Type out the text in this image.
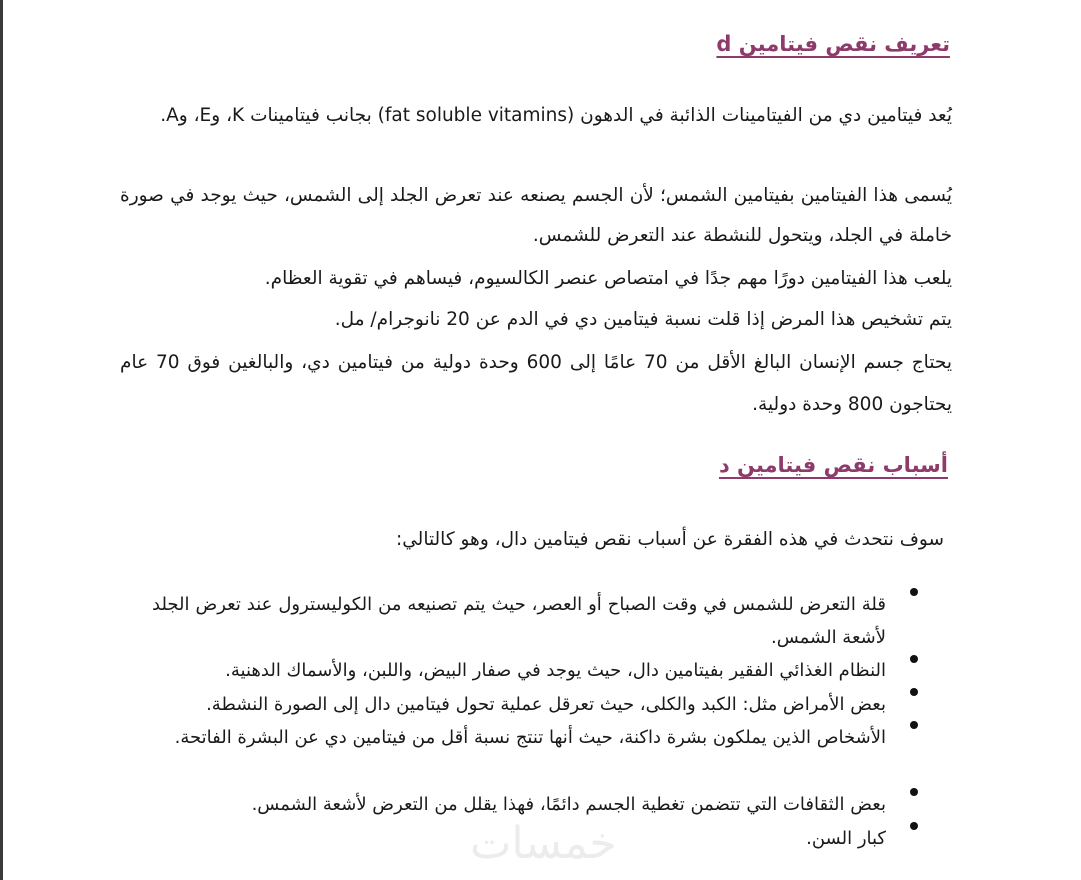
تعريف نقص فيتامين d
يُعد فيتامين دي من الفيتامينات الذائبة في الدهون (fat soluble vitamins) بجانب فيتامينات K، وE، وA.
يُسمى هذا الفيتامين بفيتامين الشمس؛ لأن الجسم يصنعه عند تعرض الجلد إلى الشمس، حيث يوجد في صورة خاملة في الجلد، ويتحول للنشطة عند التعرض للشمس.
يلعب هذا الفيتامين دورًا مهم جدًا في امتصاص عنصر الكالسيوم، فيساهم في تقوية العظام.
يتم تشخيص هذا المرض إذا قلت نسبة فيتامين دي في الدم عن 20 نانوجرام/ مل.
يحتاج جسم الإنسان البالغ الأقل من 70 عامًا إلى 600 وحدة دولية من فيتامين دي، والبالغين فوق 70 عام يحتاجون 800 وحدة دولية.
أسباب نقص فيتامين د
سوف نتحدث في هذه الفقرة عن أسباب نقص فيتامين دال، وهو كالتالي:
قلة التعرض للشمس في وقت الصباح أو العصر، حيث يتم تصنيعه من الكوليسترول عند تعرض الجلد لأشعة الشمس.
النظام الغذائي الفقير بفيتامين دال، حيث يوجد في صفار البيض، واللبن، والأسماك الدهنية.
بعض الأمراض مثل: الكبد والكلى، حيث تعرقل عملية تحول فيتامين دال إلى الصورة النشطة.
الأشخاص الذين يملكون بشرة داكنة، حيث أنها تنتج نسبة أقل من فيتامين دي عن البشرة الفاتحة.
بعض الثقافات التي تتضمن تغطية الجسم دائمًا، فهذا يقلل من التعرض لأشعة الشمس.
كبار السن.
خمسات
